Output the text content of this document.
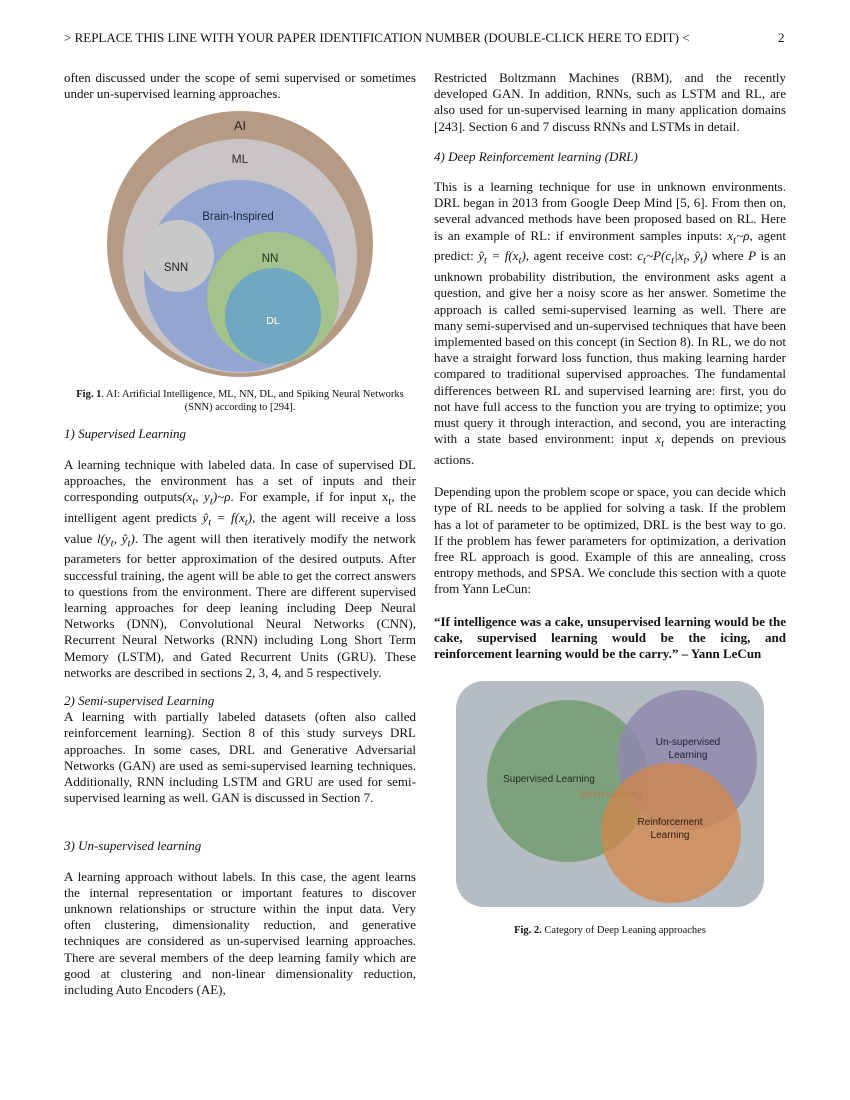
> REPLACE THIS LINE WITH YOUR PAPER IDENTIFICATION NUMBER (DOUBLE-CLICK HERE TO EDIT) <	2

often discussed under the scope of semi supervised or sometimes under un-supervised learning approaches.

AI
ML
Brain-Inspired
SNN
NN
DL

Fig. 1. AI: Artificial Intelligence, ML, NN, DL, and Spiking Neural Networks (SNN) according to [294].

1) Supervised Learning

A learning technique with labeled data. In case of supervised DL approaches, the environment has a set of inputs and their corresponding $outputs(x_t$, $y_t)\sim\rho$. For example, if for input $x_t$, the intelligent agent predicts $ŷ_t = f(x_t)$, the agent will receive a loss value $l(y_t$, $ŷ_t$). The agent will then iteratively modify the network parameters for better approximation of the desired outputs. After successful training, the agent will be able to get the correct answers to questions from the environment. There are different supervised learning approaches for deep leaning including Deep Neural Networks (DNN), Convolutional Neural Networks (CNN), Recurrent Neural Networks (RNN) including Long Short Term Memory (LSTM), and Gated Recurrent Units (GRU). These networks are described in sections 2, 3, 4, and 5 respectively.

2) Semi-supervised Learning

A learning with partially labeled datasets (often also called reinforcement learning). Section 8 of this study surveys DRL approaches. In some cases, DRL and Generative Adversarial Networks (GAN) are used as semi-supervised learning techniques. Additionally, RNN including LSTM and GRU are used for semi-supervised learning as well. GAN is discussed in Section 7.

3) Un-supervised learning

A learning approach without labels. In this case, the agent learns the internal representation or important features to discover unknown relationships or structure within the input data. Very often clustering, dimensionality reduction, and generative techniques are considered as un-supervised learning approaches. There are several members of the deep learning family which are good at clustering and non-linear dimensionality reduction, including Auto Encoders (AE),

Restricted Boltzmann Machines (RBM), and the recently developed GAN. In addition, RNNs, such as LSTM and RL, are also used for un-supervised learning in many application domains [243]. Section 6 and 7 discuss RNNs and LSTMs in detail.

4) Deep Reinforcement learning (DRL)

This is a learning technique for use in unknown environments. DRL began in 2013 from Google Deep Mind [5, 6]. From then on, several advanced methods have been proposed based on RL. Here is an example of RL: if environment samples inputs: $x_t\sim\rho$, agent predict: $ŷ_t = f(x_t)$, agent receive cost: $c_t\sim P(c_t|x_t$, $ŷ_t$) where P is an unknown probability distribution, the environment asks agent a question, and give her a noisy score as her answer. Sometime the approach is called semi-supervised learning as well. There are many semi-supervised and un-supervised techniques that have been implemented based on this concept (in Section 8). In RL, we do not have a straight forward loss function, thus making learning harder compared to traditional supervised approaches. The fundamental differences between RL and supervised learning are: first, you do not have full access to the function you are trying to optimize; you must query it through interaction, and second, you are interacting with a state based environment: input $x_t$ depends on previous actions.

Depending upon the problem scope or space, you can decide which type of RL needs to be applied for solving a task. If the problem has a lot of parameter to be optimized, DRL is the best way to go. If the problem has fewer parameters for optimization, a derivation free RL approach is good. Example of this are annealing, cross entropy methods, and SPSA. We conclude this section with a quote from Yann LeCun:

“If intelligence was a cake, unsupervised learning would be the cake, supervised learning would be the icing, and reinforcement learning would be the carry.” – Yann LeCun

Supervised Learning
Un-supervised
Learning
Deep Leaning
Reinforcement
Learning

Fig. 2. Category of Deep Leaning approaches
